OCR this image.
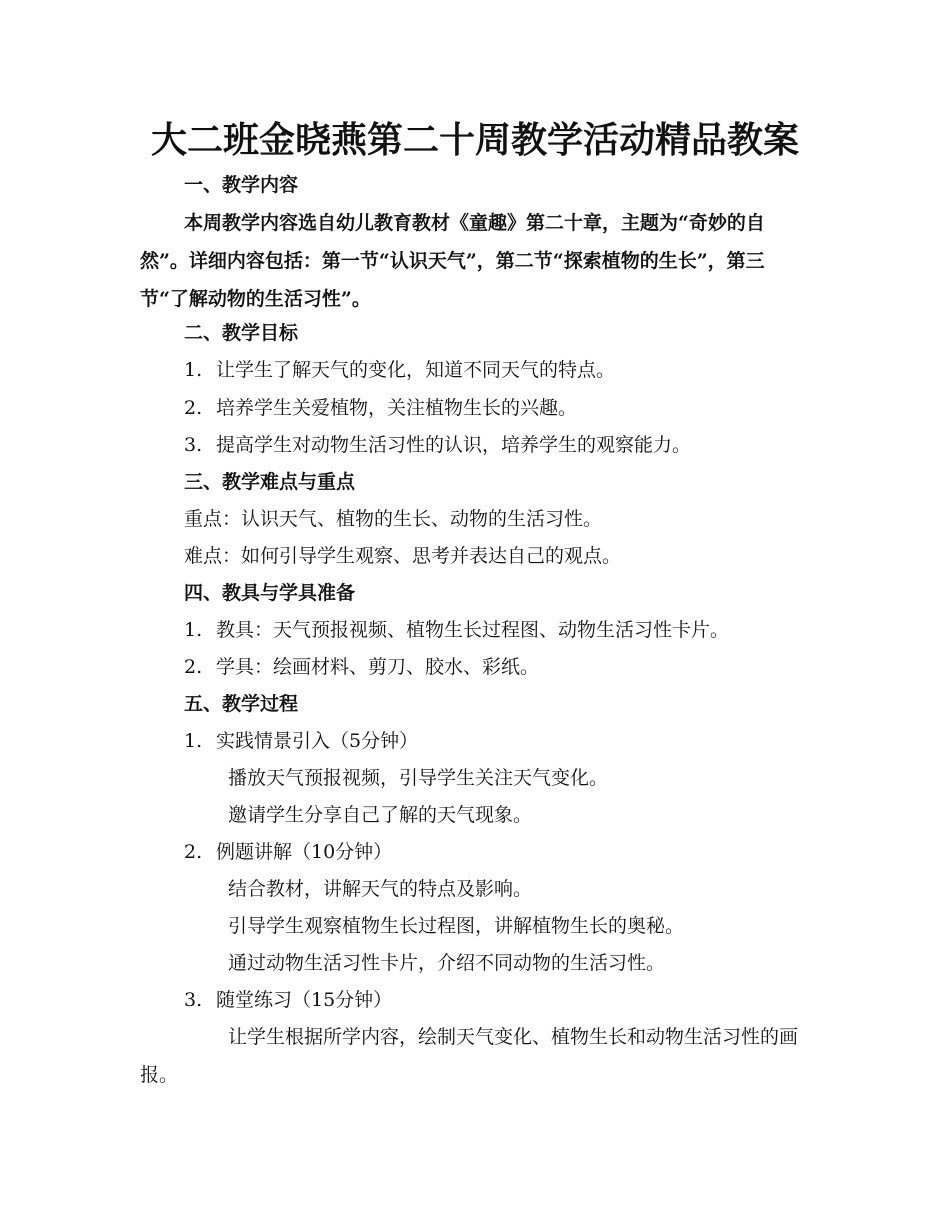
大二班金晓燕第二十周教学活动精品教案
一、教学内容

本周教学内容选自幼儿教育教材《童趣》第二十章，主题为“奇妙的自然”。详细内容包括：第一节“认识天气”，第二节“探索植物的生长”，第三节“了解动物的生活习性”。

二、教学目标
1. 让学生了解天气的变化，知道不同天气的特点。
2. 培养学生关爱植物，关注植物生长的兴趣。
3. 提高学生对动物生活习性的认识，培养学生的观察能力。
三、教学难点与重点
重点：认识天气、植物的生长、动物的生活习性。
难点：如何引导学生观察、思考并表达自己的观点。
四、教具与学具准备
1. 教具：天气预报视频、植物生长过程图、动物生活习性卡片。
2. 学具：绘画材料、剪刀、胶水、彩纸。
五、教学过程
1. 实践情景引入（5分钟）
播放天气预报视频，引导学生关注天气变化。
邀请学生分享自己了解的天气现象。
2. 例题讲解（10分钟）
结合教材，讲解天气的特点及影响。
引导学生观察植物生长过程图，讲解植物生长的奥秘。
通过动物生活习性卡片，介绍不同动物的生活习性。
3. 随堂练习（15分钟）

让学生根据所学内容，绘制天气变化、植物生长和动物生活习性的画报。
